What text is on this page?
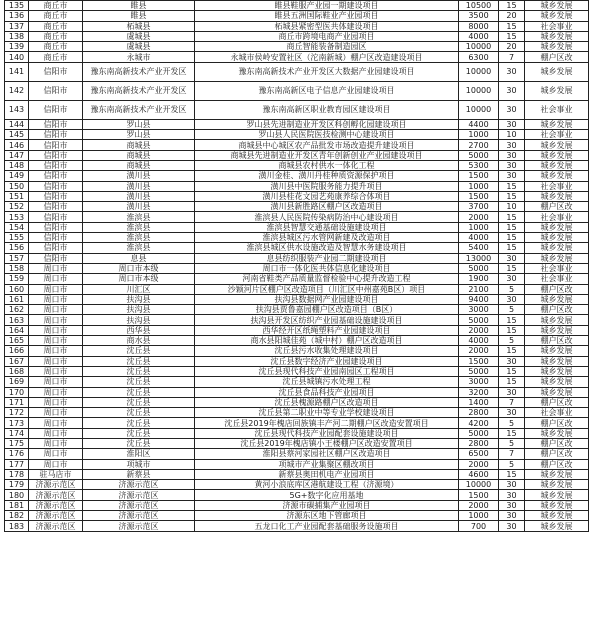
135	商丘市	睢县	睢县鞋服产业园一期建设项目	10500	15	城乡发展
136	商丘市	睢县	睢县五洲国际鞋业产业园项目	3500	20	城乡发展
137	商丘市	柘城县	柘城县紧密型医共体建设项目	8000	15	社会事业
138	商丘市	虞城县	商丘市跨境电商产业园项目	4000	15	城乡发展
139	商丘市	虞城县	商丘智能装备制造园区	10000	20	城乡发展
140	商丘市	永城市	永城市侯岭安置社区（沱南新城）棚户区改造建设项目	6300	7	棚户区改
141	信阳市	豫东南高新技术产业开发区	豫东南高新技术产业开发区大数据产业园建设项目	10000	30	城乡发展
142	信阳市	豫东南高新技术产业开发区	豫东南高新区电子信息产业园建设项目	10000	30	城乡发展
143	信阳市	豫东南高新技术产业开发区	豫东南高新区职业教育园区建设项目	10000	30	社会事业
144	信阳市	罗山县	罗山县先进制造业开发区科创孵化园建设项目	4400	30	城乡发展
145	信阳市	罗山县	罗山县人民医院医技检测中心建设项目	1000	10	社会事业
146	信阳市	商城县	商城县中心城区农产品批发市场改造提升建设项目	2700	30	城乡发展
147	信阳市	商城县	商城县先进制造业开发区青年创新创业产业园建设项目	5000	30	城乡发展
148	信阳市	商城县	商城县农村供水一体化工程	5300	30	城乡发展
149	信阳市	潢川县	潢川金桂、潢川丹桂种质资源保护项目	1500	30	城乡发展
150	信阳市	潢川县	潢川县中医院服务能力提升项目	1000	15	社会事业
151	信阳市	潢川县	潢川县桂花文园艺苑康养综合体项目	1500	15	城乡发展
152	信阳市	潢川县	潢川县新胜路区棚户区改造项目	3700	10	棚户区改
153	信阳市	淮滨县	淮滨县人民医院传染病防治中心建设项目	2000	15	社会事业
154	信阳市	淮滨县	淮滨县智慧交通基础设施建设项目	1000	15	城乡发展
155	信阳市	淮滨县	淮滨县城区污水管网新建及改造项目	4000	15	城乡发展
156	信阳市	淮滨县	淮滨县城区供水设施改造及智慧水务建设项目	5400	15	城乡发展
157	信阳市	息县	息县纺织服装产业园二期建设项目	13000	30	城乡发展
158	周口市	周口市本级	周口市一体化医共体信息化建设项目	5000	15	社会事业
159	周口市	周口市本级	河南省鞋类产品质量监督检验中心提升改造工程	1900	30	社会事业
160	周口市	川汇区	沙颖河片区棚户区改造项目（川汇区中州嘉苑B区）项目	2100	5	棚户区改
161	周口市	扶沟县	扶沟县数据网产业园建设项目	9400	30	城乡发展
162	周口市	扶沟县	扶沟县贾鲁嘉园棚户区改造项目（B区）	3000	5	棚户区改
163	周口市	扶沟县	扶沟县开发区纺织产业园基础设施建设项目	5000	15	城乡发展
164	周口市	西华县	西华经开区纸绳塑料产业园建设项目	2000	15	城乡发展
165	周口市	商水县	商水县阳城佳苑（城中村）棚户区改造项目	4000	5	棚户区改
166	周口市	沈丘县	沈丘县污水收集处理建设项目	2000	15	城乡发展
167	周口市	沈丘县	沈丘县数字经济产业园建设项目	1500	30	城乡发展
168	周口市	沈丘县	沈丘县现代科技产业园南园区工程项目	5000	15	城乡发展
169	周口市	沈丘县	沈丘县城镇污水处理工程	3000	15	城乡发展
170	周口市	沈丘县	沈丘县食品科技产业园项目	3200	30	城乡发展
171	周口市	沈丘县	沈丘县槐源路棚户区改造项目	1400	7	棚户区改
172	周口市	沈丘县	沈丘县第二职业中等专业学校建设项目	2800	30	社会事业
173	周口市	沈丘县	沈丘县2019年槐店回族镇丰产河二期棚户区改造安置项目	4200	5	棚户区改
174	周口市	沈丘县	沈丘县现代科技产业园配套设施建设项目	5000	15	城乡发展
175	周口市	沈丘县	沈丘县2019年槐店镇小王楼棚户区改造安置项目	2800	5	棚户区改
176	周口市	淮阳区	淮阳县蔡河家园社区棚户区改造项目	6500	7	棚户区改
177	周口市	项城市	项城市产业集聚区棚改项目	2000	5	棚户区改
178	驻马店市	新蔡县	新蔡县奥田机电产业园项目	4600	15	城乡发展
179	济源示范区	济源示范区	黄河小浪底库区港航建设工程（济源境）	10000	30	城乡发展
180	济源示范区	济源示范区	5G+数字化应用基地	1500	30	城乡发展
181	济源示范区	济源示范区	济源市碳捕集产业园项目	2000	30	城乡发展
182	济源示范区	济源示范区	济源东区地下管廊项目	1000	30	城乡发展
183	济源示范区	济源示范区	五龙口化工产业园配套基础服务设施项目	700	30	城乡发展
